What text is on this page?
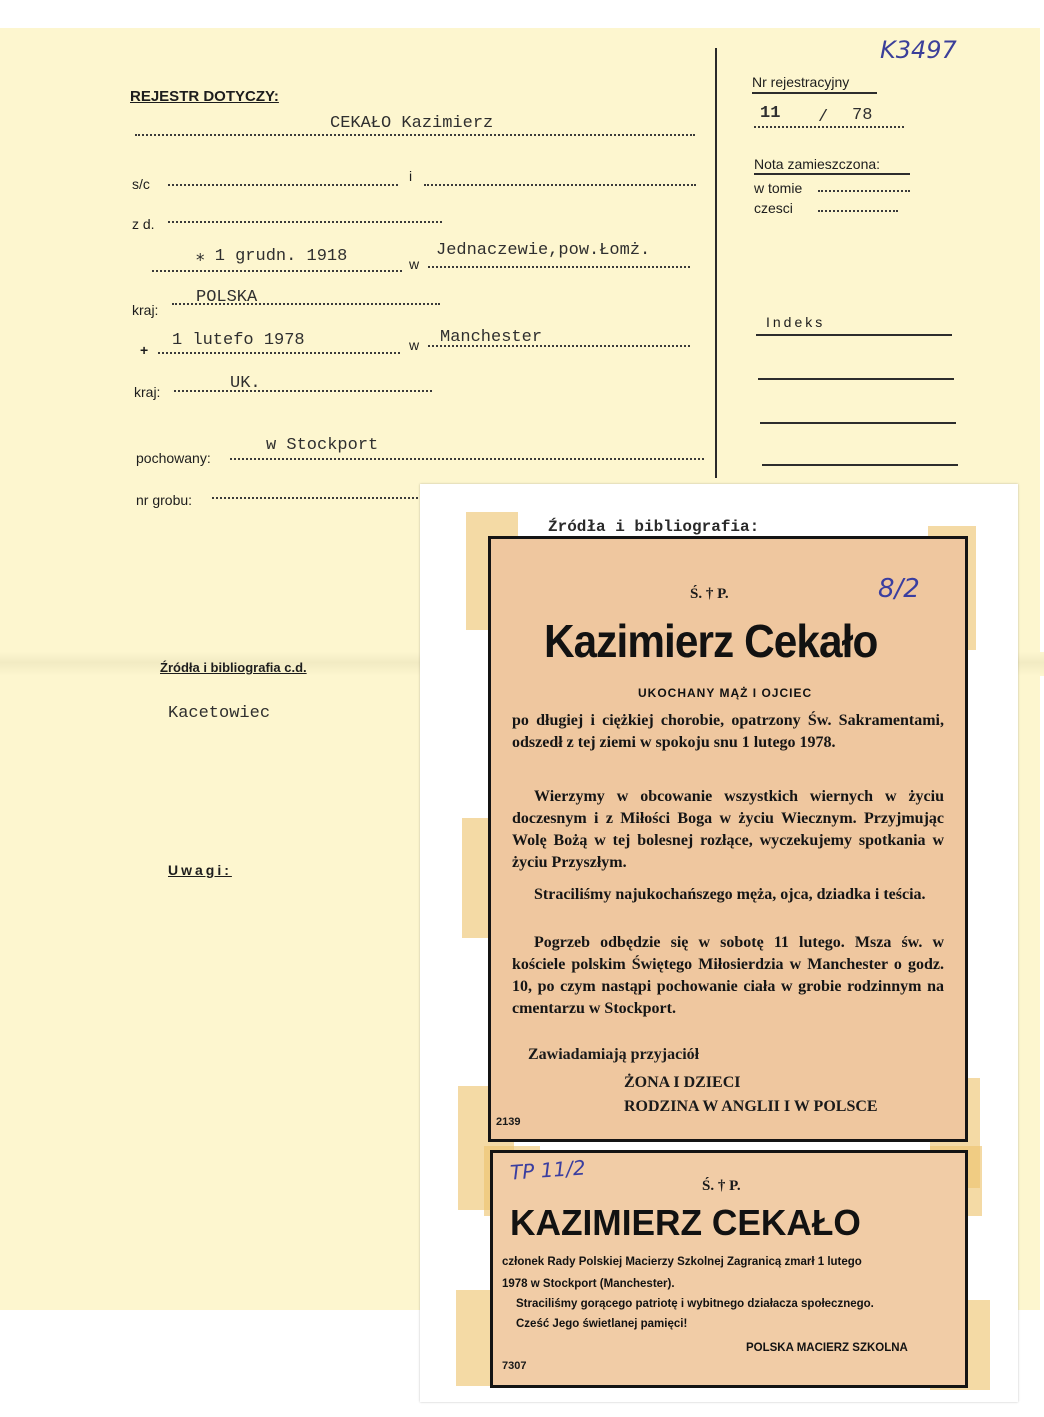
K3497
REJESTR DOTYCZY:
CEKAŁO Kazimierz
s/c	i
z d.
⁎ 1 grudn. 1918	w
Jednaczewie,pow.Łomż.
kraj:
POLSKA
+ 1 lutefo 1978	w Manchester
kraj:	UK.
pochowany:
w Stockport
nr grobu:
Źródła i bibliografia c.d.
Kacetowiec
Uwagi:
Nr rejestracyjny
11 / 78
Nota zamieszczona:
w tomie
czesci
Indeks
Źródła i bibliografia:
Ś. † P.	8/2
Kazimierz Cekało
UKOCHANY MĄŻ I OJCIEC
po długiej i ciężkiej chorobie, opatrzony Św. Sakramentami, odszedł z tej ziemi w spokoju snu 1 lutego 1978.
Wierzymy w obcowanie wszystkich wiernych w życiu doczesnym i z Miłości Boga w życiu Wiecznym. Przyjmując Wolę Bożą w tej bolesnej rozłące, wyczekujemy spotkania w życiu Przyszłym.
Straciliśmy najukochańszego męża, ojca, dziadka i teścia.
Pogrzeb odbędzie się w sobotę 11 lutego. Msza św. w kościele polskim Świętego Miłosierdzia w Manchester o godz. 10, po czym nastąpi pochowanie ciała w grobie rodzinnym na cmentarzu w Stockport.
Zawiadamiają przyjaciół
ŻONA I DZIECI
RODZINA W ANGLII I W POLSCE
2139
TP 11/2
Ś. † P.
KAZIMIERZ CEKAŁO
członek Rady Polskiej Macierzy Szkolnej Zagranicą zmarł 1 lutego
1978 w Stockport (Manchester).
Straciliśmy gorącego patriotę i wybitnego działacza społecznego.
Cześć Jego świetlanej pamięci!
POLSKA MACIERZ SZKOLNA
7307
